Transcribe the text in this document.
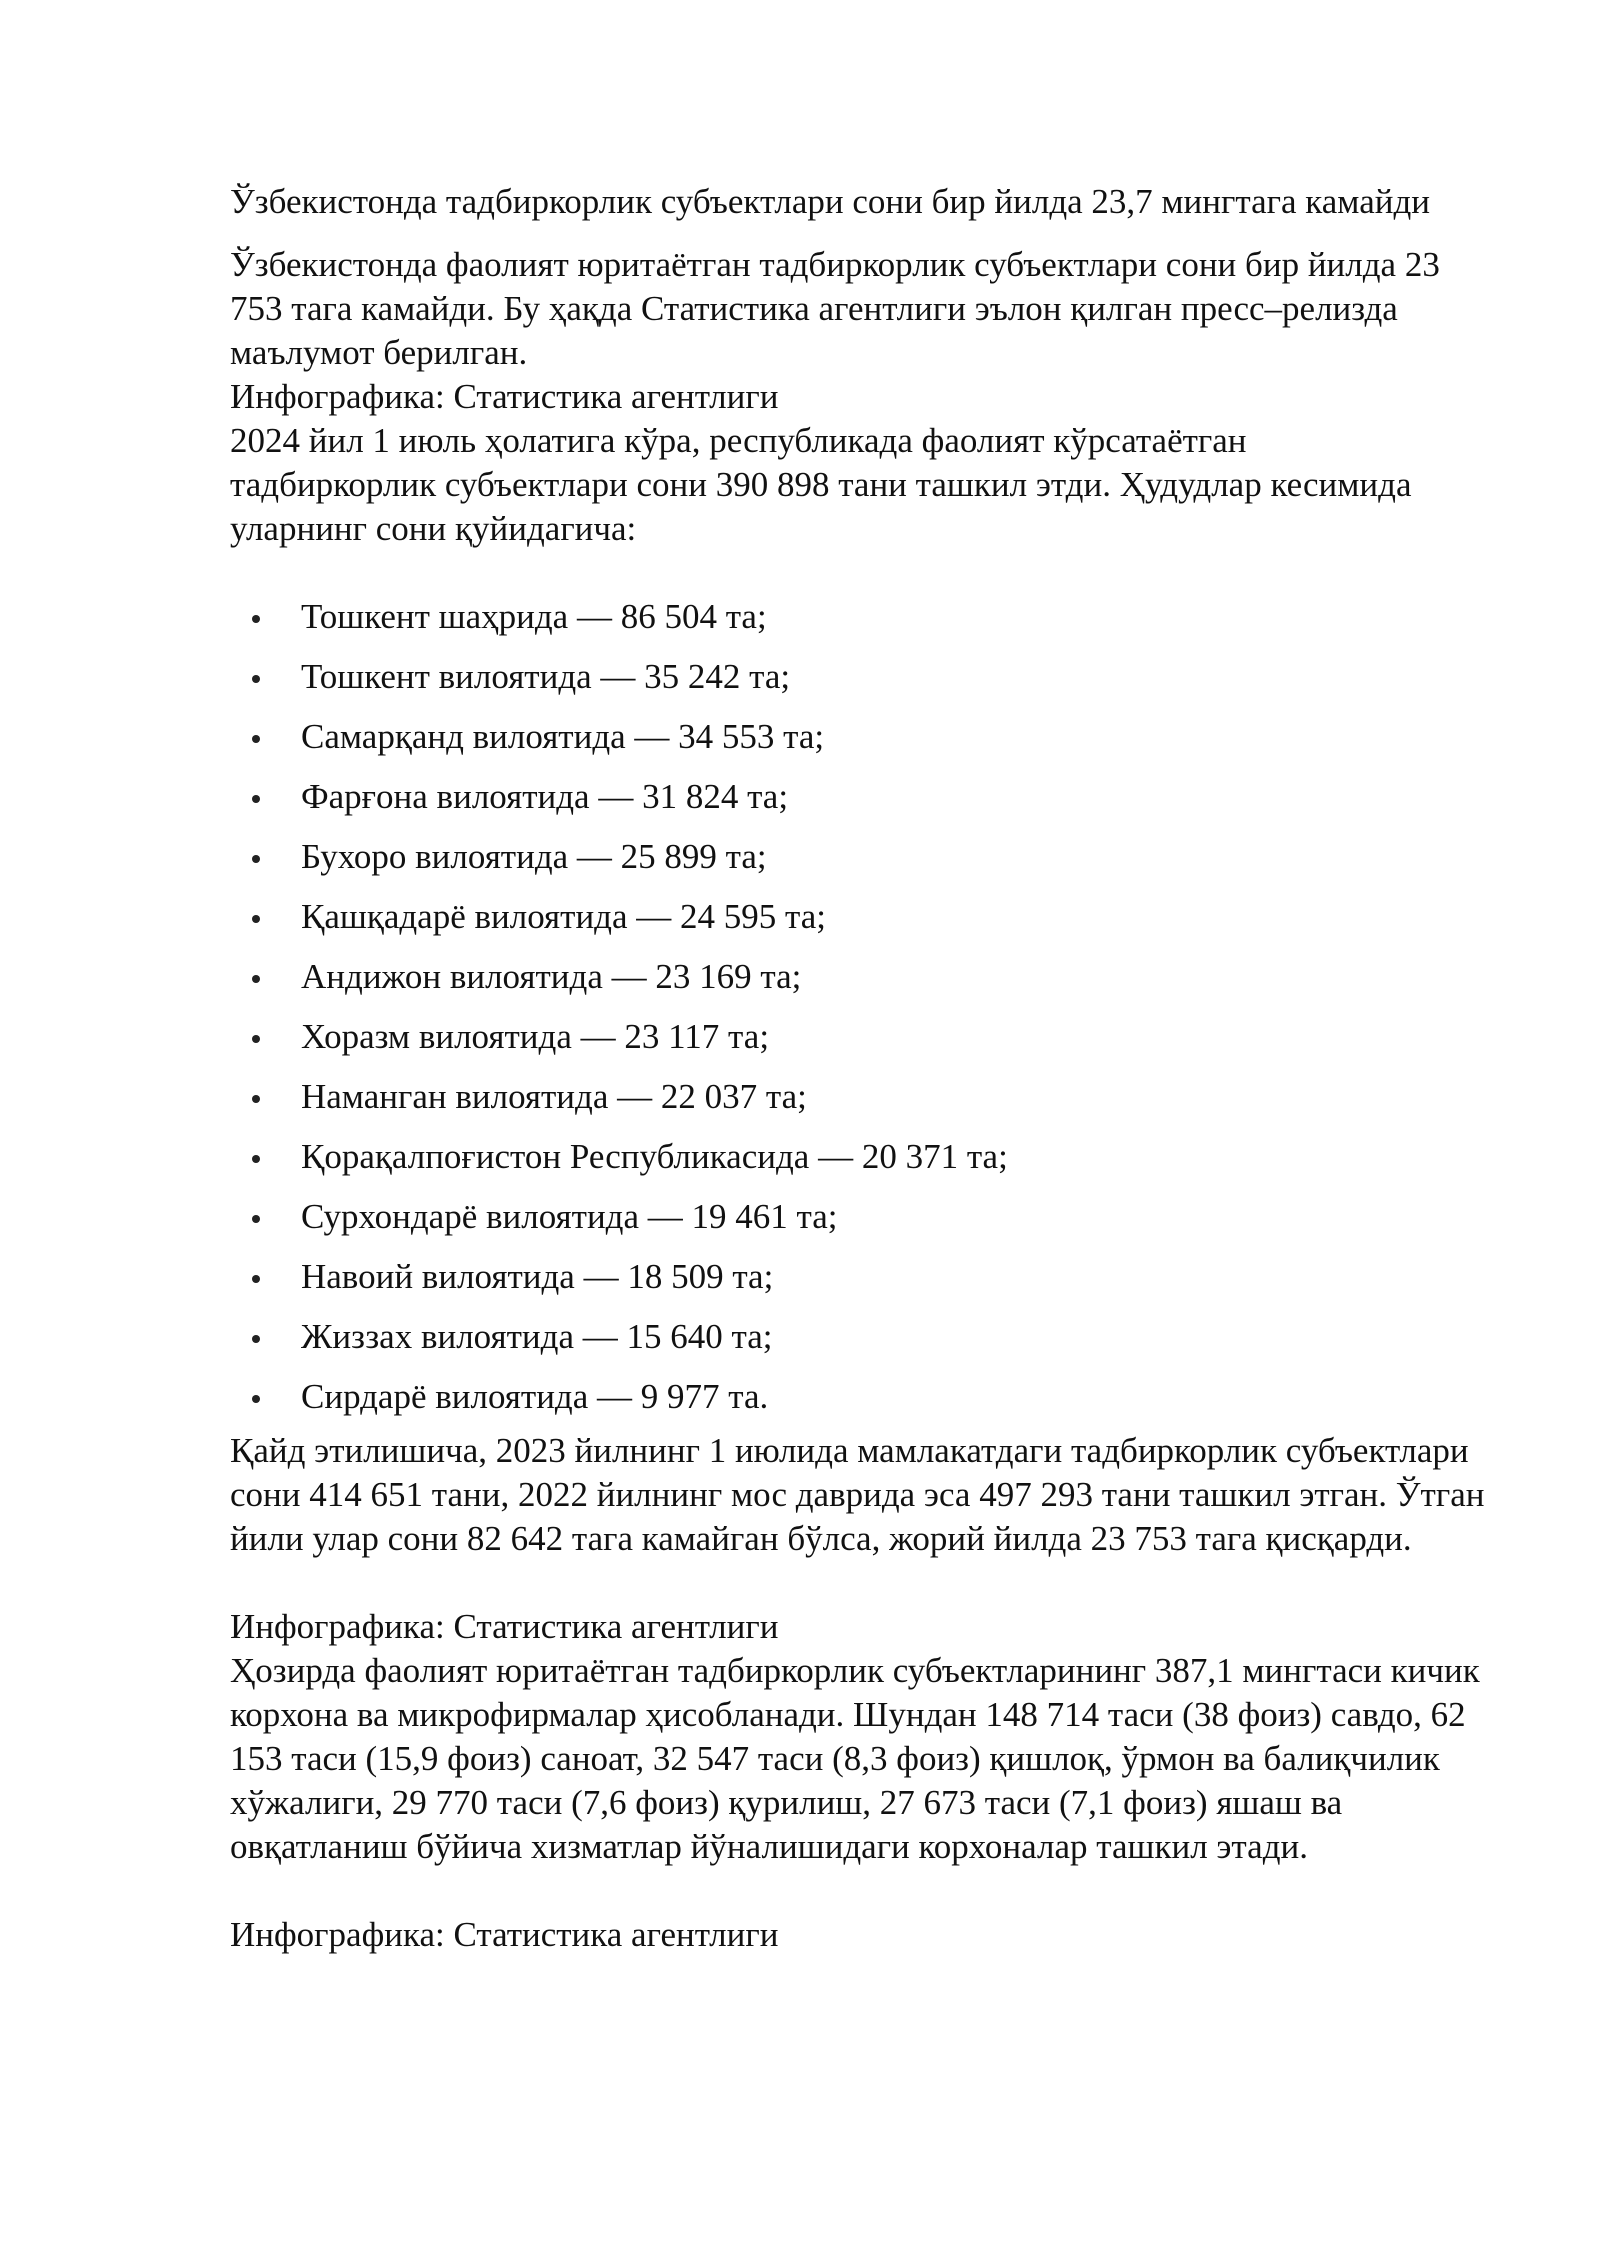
Ўзбекистонда тадбиркорлик субъектлари сони бир йилда 23,7 мингтага камайди

Ўзбекистонда фаолият юритаётган тадбиркорлик субъектлари сони бир йилда 23 753 тага камайди. Бу ҳақда Статистика агентлиги эълон қилган пресс–релизда маълумот берилган.

Инфографика: Статистика агентлиги

2024 йил 1 июль ҳолатига кўра, республикада фаолият кўрсатаётган тадбиркорлик субъектлари сони 390 898 тани ташкил этди. Ҳудудлар кесимида уларнинг сони қуйидагича:

Тошкент шаҳрида — 86 504 та;
Тошкент вилоятида — 35 242 та;
Самарқанд вилоятида — 34 553 та;
Фарғона вилоятида — 31 824 та;
Бухоро вилоятида — 25 899 та;
Қашқадарё вилоятида — 24 595 та;
Андижон вилоятида — 23 169 та;
Хоразм вилоятида — 23 117 та;
Наманган вилоятида — 22 037 та;
Қорақалпоғистон Республикасида — 20 371 та;
Сурхондарё вилоятида — 19 461 та;
Навоий вилоятида — 18 509 та;
Жиззах вилоятида — 15 640 та;
Сирдарё вилоятида — 9 977 та.

Қайд этилишича, 2023 йилнинг 1 июлида мамлакатдаги тадбиркорлик субъектлари сони 414 651 тани, 2022 йилнинг мос даврида эса 497 293 тани ташкил этган. Ўтган йили улар сони 82 642 тага камайган бўлса, жорий йилда 23 753 тага қисқарди.

Инфографика: Статистика агентлиги

Ҳозирда фаолият юритаётган тадбиркорлик субъектларининг 387,1 мингтаси кичик корхона ва микрофирмалар ҳисобланади. Шундан 148 714 таси (38 фоиз) савдо, 62 153 таси (15,9 фоиз) саноат, 32 547 таси (8,3 фоиз) қишлоқ, ўрмон ва балиқчилик хўжалиги, 29 770 таси (7,6 фоиз) қурилиш, 27 673 таси (7,1 фоиз) яшаш ва овқатланиш бўйича хизматлар йўналишидаги корхоналар ташкил этади.

Инфографика: Статистика агентлиги
